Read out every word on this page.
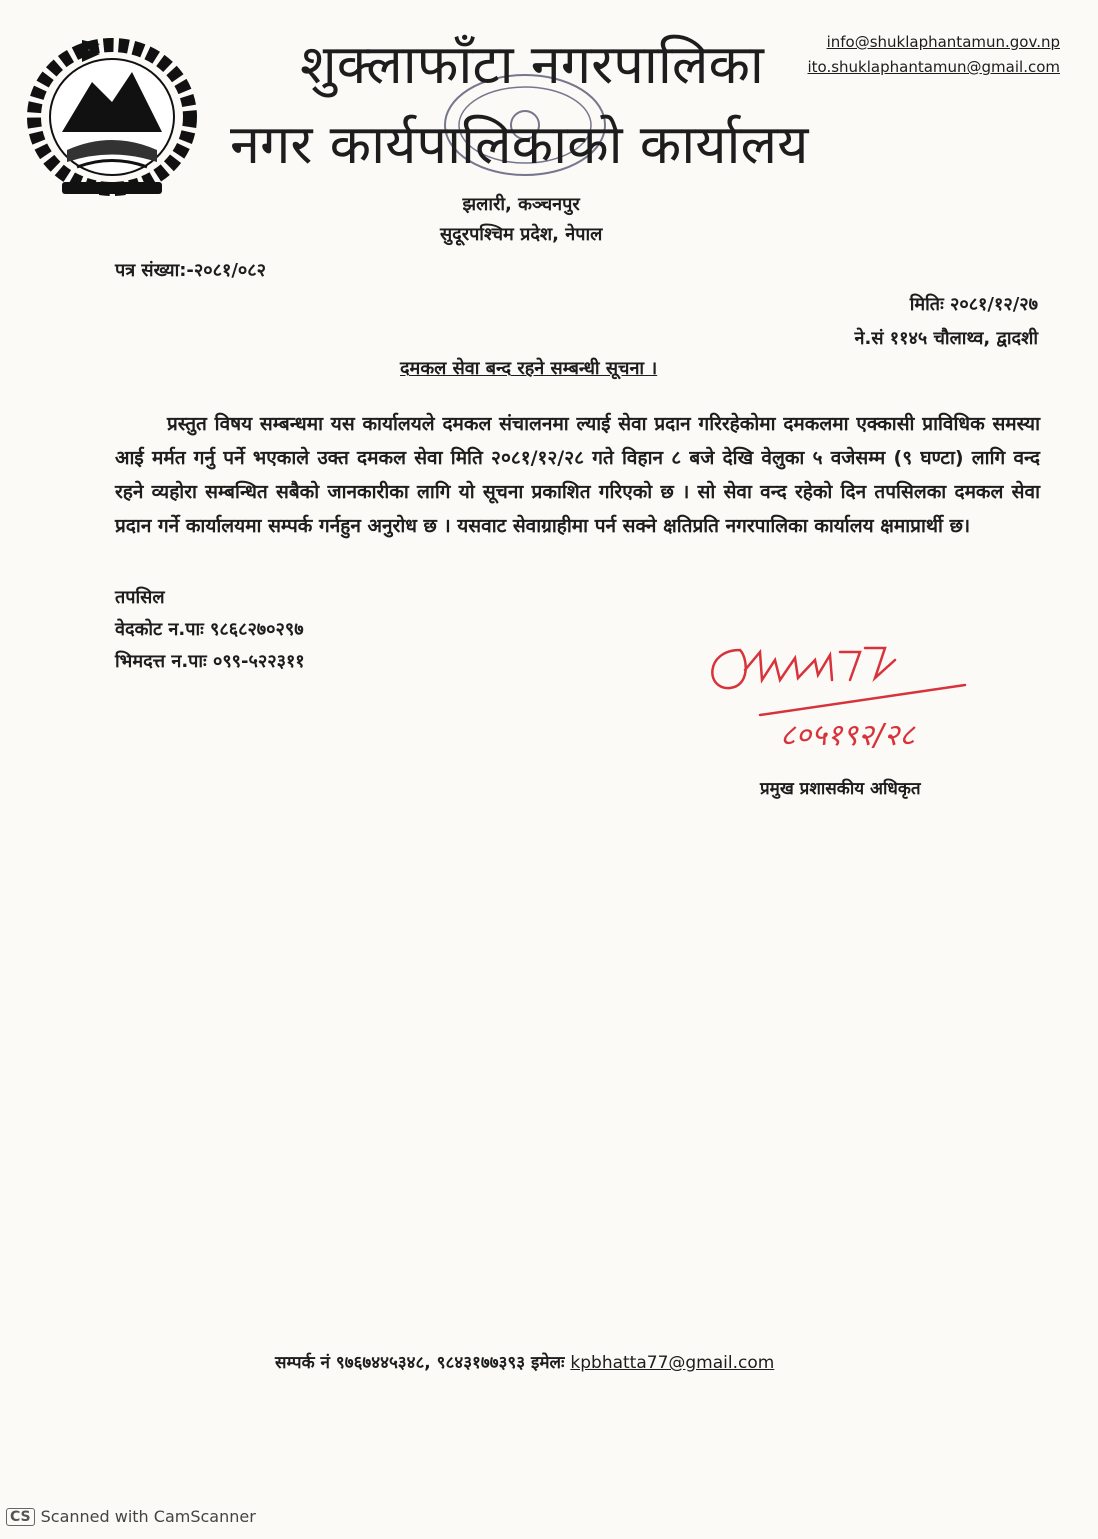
शुक्लाफाँटा नगरपालिका
नगर कार्यपालिकाको कार्यालय
info@shuklaphantamun.gov.np
ito.shuklaphantamun@gmail.com
झलारी, कञ्चनपुर
सुदूरपश्चिम प्रदेश, नेपाल
पत्र संख्या:-२०८१/०८२
मितिः २०८१/१२/२७
ने.सं ११४५ चौलाथ्व, द्वादशी
दमकल सेवा बन्द रहने सम्बन्धी सूचना ।

प्रस्तुत विषय सम्बन्धमा यस कार्यालयले दमकल संचालनमा ल्याई सेवा प्रदान गरिरहेकोमा दमकलमा एक्कासी प्राविधिक समस्या आई मर्मत गर्नु पर्ने भएकाले उक्त दमकल सेवा मिति २०८१/१२/२८ गते विहान ८ बजे देखि वेलुका ५ वजेसम्म (९ घण्टा) लागि वन्द रहने व्यहोरा सम्बन्धित सबैको जानकारीका लागि यो सूचना प्रकाशित गरिएको छ । सो सेवा वन्द रहेको दिन तपसिलका दमकल सेवा प्रदान गर्ने कार्यालयमा सम्पर्क गर्नहुन अनुरोध छ । यसवाट सेवाग्राहीमा पर्न सक्ने क्षतिप्रति नगरपालिका कार्यालय क्षमाप्रार्थी छ।

तपसिल
वेदकोट न.पाः ९८६८२७०२९७
भिमदत्त न.पाः ०९९-५२२३११
८०५१९२/२८
प्रमुख प्रशासकीय अधिकृत
सम्पर्क नं ९७६७४४५३४८, ९८४३१७७३९३ इमेलः kpbhatta77@gmail.com
CS Scanned with CamScanner
